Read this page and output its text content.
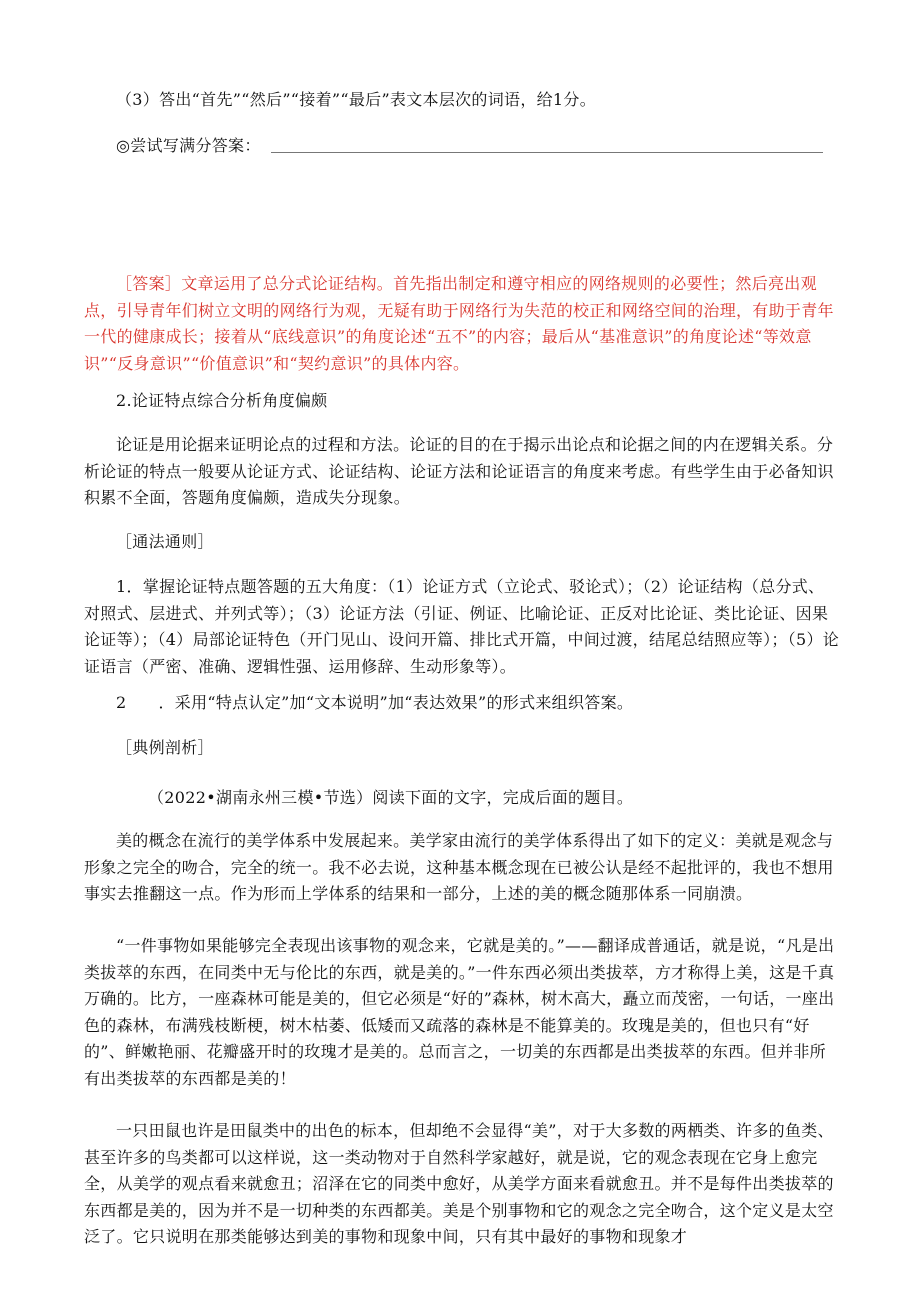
（3）答出“首先”“然后”“接着”“最后”表文本层次的词语，给1分。
◎尝试写满分答案：
［答案］文章运用了总分式论证结构。首先指出制定和遵守相应的网络规则的必要性；然后亮出观点，引导青年们树立文明的网络行为观，无疑有助于网络行为失范的校正和网络空间的治理，有助于青年一代的健康成长；接着从“底线意识”的角度论述“五不”的内容；最后从“基准意识”的角度论述“等效意识”“反身意识”“价值意识”和“契约意识”的具体内容。
2.论证特点综合分析角度偏颇
论证是用论据来证明论点的过程和方法。论证的目的在于揭示出论点和论据之间的内在逻辑关系。分析论证的特点一般要从论证方式、论证结构、论证方法和论证语言的角度来考虑。有些学生由于必备知识积累不全面，答题角度偏颇，造成失分现象。
［通法通则］
1．掌握论证特点题答题的五大角度：（1）论证方式（立论式、驳论式）；（2）论证结构（总分式、对照式、层进式、并列式等）；（3）论证方法（引证、例证、比喻论证、正反对比论证、类比论证、因果论证等）；（4）局部论证特色（开门见山、设问开篇、排比式开篇，中间过渡，结尾总结照应等）；（5）论证语言（严密、准确、逻辑性强、运用修辞、生动形象等）。
2 ．采用“特点认定”加“文本说明”加“表达效果”的形式来组织答案。
［典例剖析］
（2022•湖南永州三模•节选）阅读下面的文字，完成后面的题目。
美的概念在流行的美学体系中发展起来。美学家由流行的美学体系得出了如下的定义：美就是观念与形象之完全的吻合，完全的统一。我不必去说，这种基本概念现在已被公认是经不起批评的，我也不想用事实去推翻这一点。作为形而上学体系的结果和一部分，上述的美的概念随那体系一同崩溃。
“一件事物如果能够完全表现出该事物的观念来，它就是美的。”——翻译成普通话，就是说，“凡是出类拔萃的东西，在同类中无与伦比的东西，就是美的。”一件东西必须出类拔萃，方才称得上美，这是千真万确的。比方，一座森林可能是美的，但它必须是“好的”森林，树木高大，矗立而茂密，一句话，一座出色的森林，布满残枝断梗，树木枯萎、低矮而又疏落的森林是不能算美的。玫瑰是美的，但也只有“好的”、鲜嫩艳丽、花瓣盛开时的玫瑰才是美的。总而言之，一切美的东西都是出类拔萃的东西。但并非所有出类拔萃的东西都是美的！
一只田鼠也许是田鼠类中的出色的标本，但却绝不会显得“美”，对于大多数的两栖类、许多的鱼类、甚至许多的鸟类都可以这样说，这一类动物对于自然科学家越好，就是说，它的观念表现在它身上愈完全，从美学的观点看来就愈丑；沼泽在它的同类中愈好，从美学方面来看就愈丑。并不是每件出类拔萃的东西都是美的，因为并不是一切种类的东西都美。美是个别事物和它的观念之完全吻合，这个定义是太空泛了。它只说明在那类能够达到美的事物和现象中间，只有其中最好的事物和现象才
